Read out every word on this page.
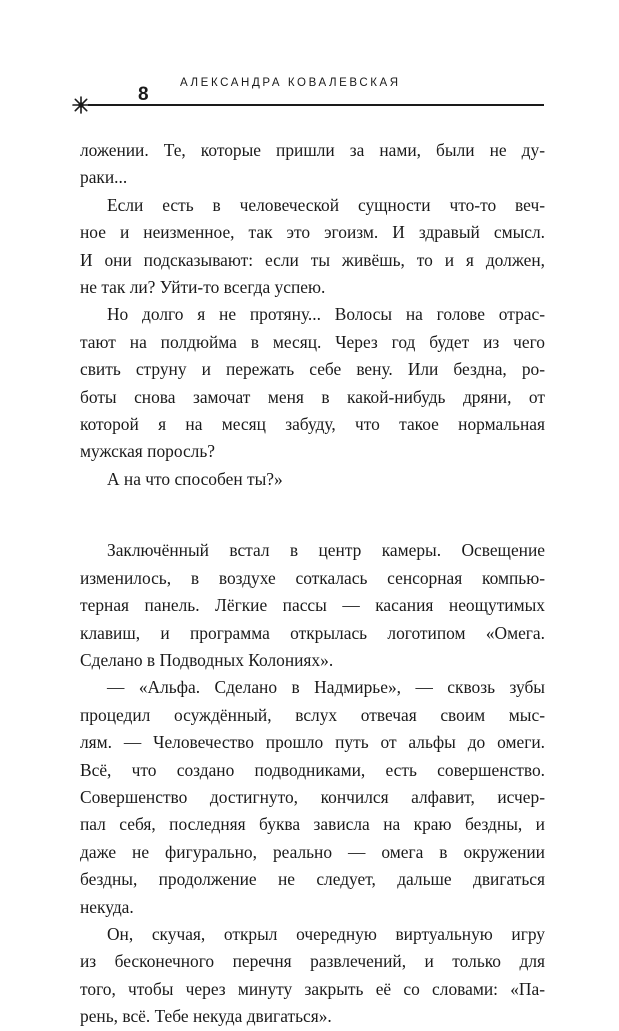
8
АЛЕКСАНДРА КОВАЛЕВСКАЯ

ложении. Те, которые пришли за нами, были не ду-
раки...

Если есть в человеческой сущности что-то веч-
ное и неизменное, так это эгоизм. И здравый смысл.
И они подсказывают: если ты живёшь, то и я должен,
не так ли? Уйти-то всегда успею.

Но долго я не протяну... Волосы на голове отрас-
тают на полдюйма в месяц. Через год будет из чего
свить струну и пережать себе вену. Или бездна, ро-
боты снова замочат меня в какой-нибудь дряни, от
которой я на месяц забуду, что такое нормальная
мужская поросль?

А на что способен ты?»

Заключённый встал в центр камеры. Освещение
изменилось, в воздухе соткалась сенсорная компью-
терная панель. Лёгкие пассы — касания неощутимых
клавиш, и программа открылась логотипом «Омега.
Сделано в Подводных Колониях».

— «Альфа. Сделано в Надмирье», — сквозь зубы
процедил осуждённый, вслух отвечая своим мыс-
лям. — Человечество прошло путь от альфы до омеги.
Всё, что создано подводниками, есть совершенство.
Совершенство достигнуто, кончился алфавит, исчер-
пал себя, последняя буква зависла на краю бездны, и
даже не фигурально, реально — омега в окружении
бездны, продолжение не следует, дальше двигаться
некуда.

Он, скучая, открыл очередную виртуальную игру
из бесконечного перечня развлечений, и только для
того, чтобы через минуту закрыть её со словами: «Па-
рень, всё. Тебе некуда двигаться».
